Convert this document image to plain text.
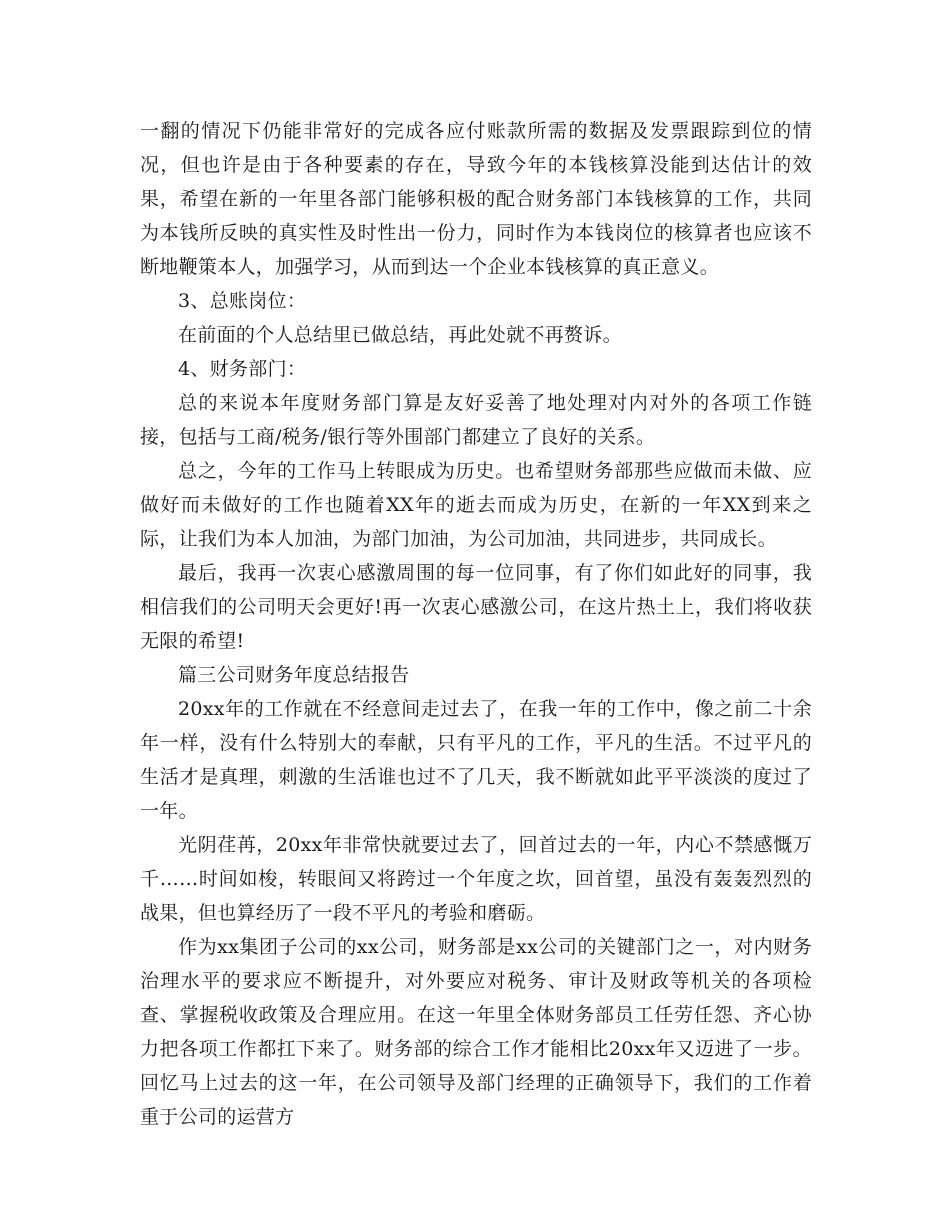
一翻的情况下仍能非常好的完成各应付账款所需的数据及发票跟踪到位的情况，但也许是由于各种要素的存在，导致今年的本钱核算没能到达估计的效果，希望在新的一年里各部门能够积极的配合财务部门本钱核算的工作，共同为本钱所反映的真实性及时性出一份力，同时作为本钱岗位的核算者也应该不断地鞭策本人，加强学习，从而到达一个企业本钱核算的真正意义。

3、总账岗位：

在前面的个人总结里已做总结，再此处就不再赘诉。

4、财务部门：

总的来说本年度财务部门算是友好妥善了地处理对内对外的各项工作链接，包括与工商/税务/银行等外围部门都建立了良好的关系。

总之，今年的工作马上转眼成为历史。也希望财务部那些应做而未做、应做好而未做好的工作也随着XX年的逝去而成为历史，在新的一年XX到来之际，让我们为本人加油，为部门加油，为公司加油，共同进步，共同成长。

最后，我再一次衷心感激周围的每一位同事，有了你们如此好的同事，我相信我们的公司明天会更好!再一次衷心感激公司，在这片热土上，我们将收获无限的希望!

篇三公司财务年度总结报告

20xx年的工作就在不经意间走过去了，在我一年的工作中，像之前二十余年一样，没有什么特别大的奉献，只有平凡的工作，平凡的生活。不过平凡的生活才是真理，刺激的生活谁也过不了几天，我不断就如此平平淡淡的度过了一年。

光阴荏苒，20xx年非常快就要过去了，回首过去的一年，内心不禁感慨万千……时间如梭，转眼间又将跨过一个年度之坎，回首望，虽没有轰轰烈烈的战果，但也算经历了一段不平凡的考验和磨砺。

作为xx集团子公司的xx公司，财务部是xx公司的关键部门之一，对内财务治理水平的要求应不断提升，对外要应对税务、审计及财政等机关的各项检查、掌握税收政策及合理应用。在这一年里全体财务部员工任劳任怨、齐心协力把各项工作都扛下来了。财务部的综合工作才能相比20xx年又迈进了一步。回忆马上过去的这一年，在公司领导及部门经理的正确领导下，我们的工作着重于公司的运营方
